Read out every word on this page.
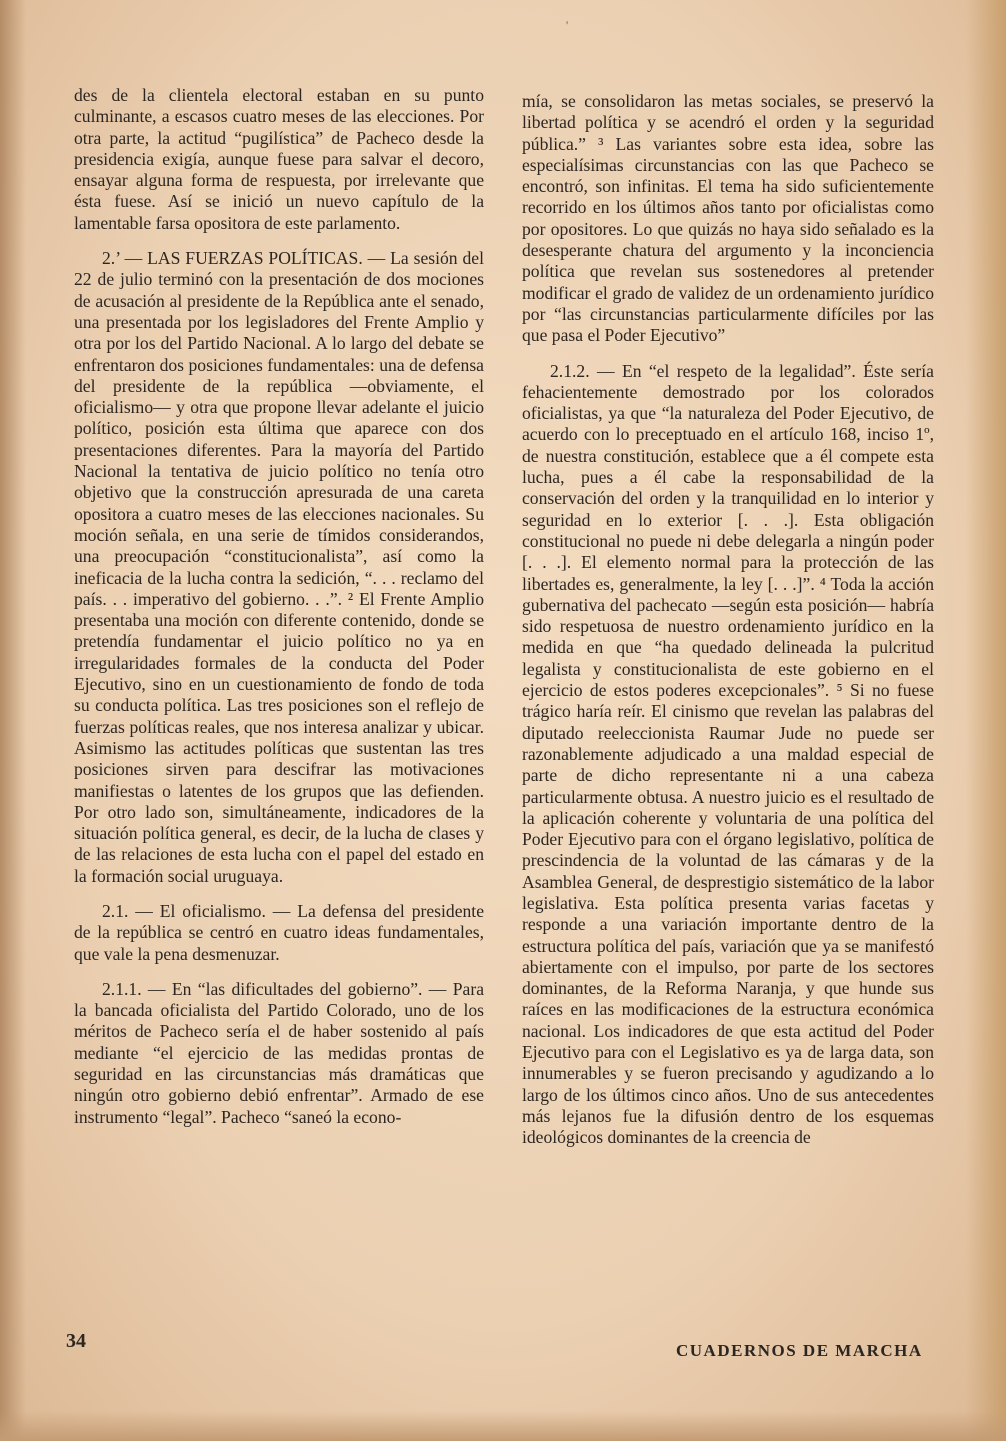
'

des de la clientela electoral estaban en su punto culminante, a escasos cuatro meses de las elecciones. Por otra parte, la actitud “pugilística” de Pacheco desde la presidencia exigía, aunque fuese para salvar el decoro, ensayar alguna forma de respuesta, por irrelevante que ésta fuese. Así se inició un nuevo capítulo de la lamentable farsa opositora de este parlamento.

2.’ — LAS FUERZAS POLÍTICAS. — La sesión del 22 de julio terminó con la presentación de dos mociones de acusación al presidente de la República ante el senado, una presentada por los legisladores del Frente Amplio y otra por los del Partido Nacional. A lo largo del debate se enfrentaron dos posiciones fundamentales: una de defensa del presidente de la república —obviamente, el oficialismo— y otra que propone llevar adelante el juicio político, posición esta última que aparece con dos presentaciones diferentes. Para la mayoría del Partido Nacional la tentativa de juicio político no tenía otro objetivo que la construcción apresurada de una careta opositora a cuatro meses de las elecciones nacionales. Su moción señala, en una serie de tímidos considerandos, una preocupación “constitucionalista”, así como la ineficacia de la lucha contra la sedición, “. . . reclamo del país. . . imperativo del gobierno. . .”. ² El Frente Amplio presentaba una moción con diferente contenido, donde se pretendía fundamentar el juicio político no ya en irregularidades formales de la conducta del Poder Ejecutivo, sino en un cuestionamiento de fondo de toda su conducta política. Las tres posiciones son el reflejo de fuerzas políticas reales, que nos interesa analizar y ubicar. Asimismo las actitudes políticas que sustentan las tres posiciones sirven para descifrar las motivaciones manifiestas o latentes de los grupos que las defienden. Por otro lado son, simultáneamente, indicadores de la situación política general, es decir, de la lucha de clases y de las relaciones de esta lucha con el papel del estado en la formación social uruguaya.

2.1. — El oficialismo. — La defensa del presidente de la república se centró en cuatro ideas fundamentales, que vale la pena desmenuzar.

2.1.1. — En “las dificultades del gobierno”. — Para la bancada oficialista del Partido Colorado, uno de los méritos de Pacheco sería el de haber sostenido al país mediante “el ejercicio de las medidas prontas de seguridad en las circunstancias más dramáticas que ningún otro gobierno debió enfrentar”. Armado de ese instrumento “legal”. Pacheco “saneó la econo-

mía, se consolidaron las metas sociales, se preservó la libertad política y se acendró el orden y la seguridad pública.” ³ Las variantes sobre esta idea, sobre las especialísimas circunstancias con las que Pacheco se encontró, son infinitas. El tema ha sido suficientemente recorrido en los últimos años tanto por oficialistas como por opositores. Lo que quizás no haya sido señalado es la desesperante chatura del argumento y la inconciencia política que revelan sus sostenedores al pretender modificar el grado de validez de un ordenamiento jurídico por “las circunstancias particularmente difíciles por las que pasa el Poder Ejecutivo”

2.1.2. — En “el respeto de la legalidad”. Éste sería fehacientemente demostrado por los colorados oficialistas, ya que “la naturaleza del Poder Ejecutivo, de acuerdo con lo preceptuado en el artículo 168, inciso 1º, de nuestra constitución, establece que a él compete esta lucha, pues a él cabe la responsabilidad de la conservación del orden y la tranquilidad en lo interior y seguridad en lo exterior [. . .]. Esta obligación constitucional no puede ni debe delegarla a ningún poder [. . .]. El elemento normal para la protección de las libertades es, generalmente, la ley [. . .]”. ⁴ Toda la acción gubernativa del pachecato —según esta posición— habría sido respetuosa de nuestro ordenamiento jurídico en la medida en que “ha quedado delineada la pulcritud legalista y constitucionalista de este gobierno en el ejercicio de estos poderes excepcionales”. ⁵ Si no fuese trágico haría reír. El cinismo que revelan las palabras del diputado reeleccionista Raumar Jude no puede ser razonablemente adjudicado a una maldad especial de parte de dicho representante ni a una cabeza particularmente obtusa. A nuestro juicio es el resultado de la aplicación coherente y voluntaria de una política del Poder Ejecutivo para con el órgano legislativo, política de prescindencia de la voluntad de las cámaras y de la Asamblea General, de desprestigio sistemático de la labor legislativa. Esta política presenta varias facetas y responde a una variación importante dentro de la estructura política del país, variación que ya se manifestó abiertamente con el impulso, por parte de los sectores dominantes, de la Reforma Naranja, y que hunde sus raíces en las modificaciones de la estructura económica nacional. Los indicadores de que esta actitud del Poder Ejecutivo para con el Legislativo es ya de larga data, son innumerables y se fueron precisando y agudizando a lo largo de los últimos cinco años. Uno de sus antecedentes más lejanos fue la difusión dentro de los esquemas ideológicos dominantes de la creencia de

34	CUADERNOS DE MARCHA
